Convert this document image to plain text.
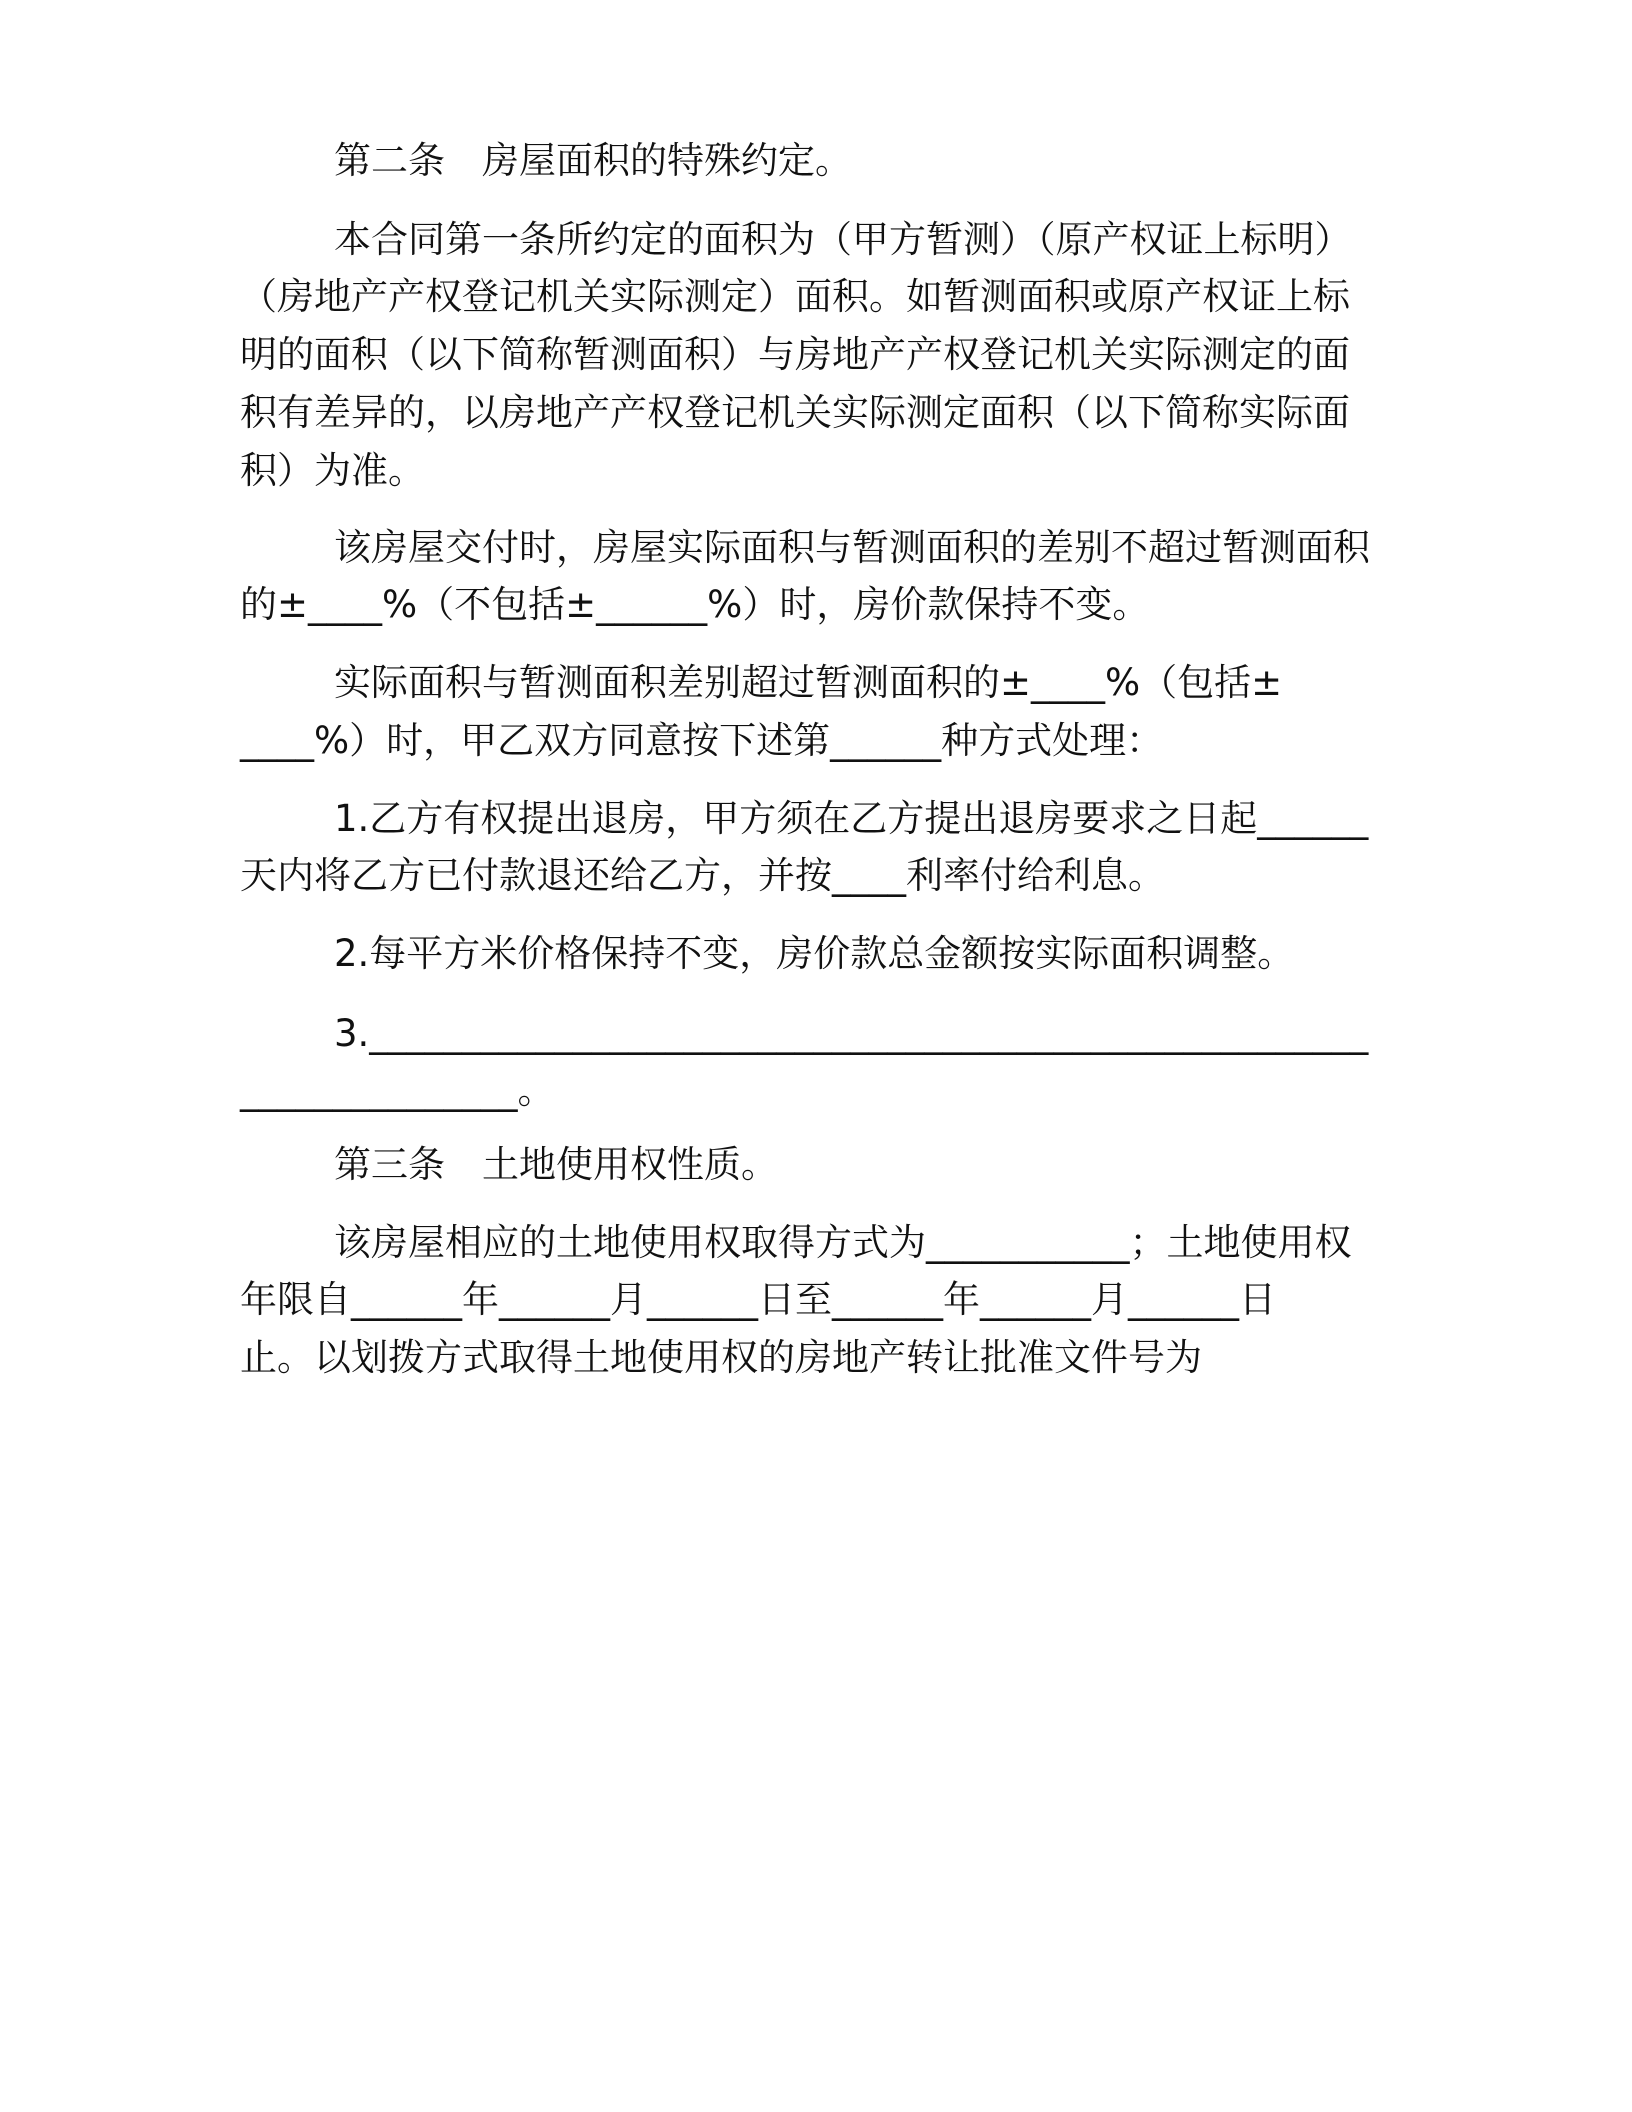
第二条　房屋面积的特殊约定。
本合同第一条所约定的面积为（甲方暂测）（原产权证上标明）
（房地产产权登记机关实际测定）面积。如暂测面积或原产权证上标
明的面积（以下简称暂测面积）与房地产产权登记机关实际测定的面
积有差异的，以房地产产权登记机关实际测定面积（以下简称实际面
积）为准。
该房屋交付时，房屋实际面积与暂测面积的差别不超过暂测面积
的±____%（不包括±______%）时，房价款保持不变。
实际面积与暂测面积差别超过暂测面积的±____%（包括±
____%）时，甲乙双方同意按下述第______种方式处理：
1.乙方有权提出退房，甲方须在乙方提出退房要求之日起______
天内将乙方已付款退还给乙方，并按____利率付给利息。
2.每平方米价格保持不变，房价款总金额按实际面积调整。
3.______________________________________________________
_______________。
第三条　土地使用权性质。
该房屋相应的土地使用权取得方式为___________；土地使用权
年限自______年______月______日至______年______月______日
止。以划拨方式取得土地使用权的房地产转让批准文件号为
